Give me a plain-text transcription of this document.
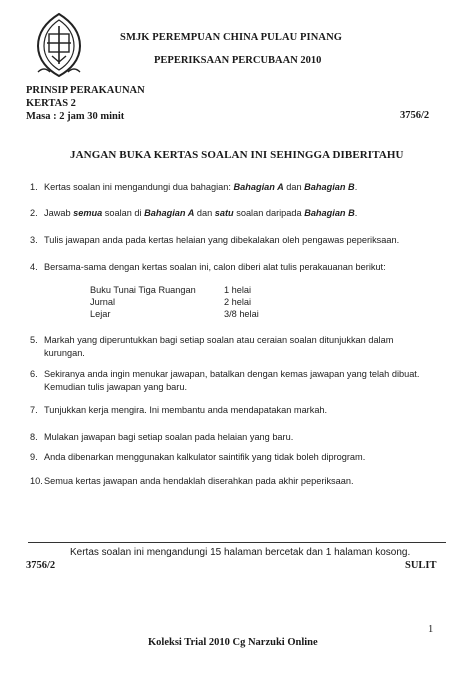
SMJK PEREMPUAN CHINA PULAU PINANG
PEPERIKSAAN PERCUBAAN 2010
PRINSIP PERAKAUNAN
KERTAS 2
Masa : 2 jam 30 minit	3756/2
JANGAN BUKA KERTAS SOALAN INI SEHINGGA DIBERITAHU
1. Kertas soalan ini mengandungi dua bahagian: Bahagian A dan Bahagian B.
2. Jawab semua soalan di Bahagian A dan satu soalan daripada Bahagian B.
3. Tulis jawapan anda pada kertas helaian yang dibekalakan oleh pengawas peperiksaan.
4. Bersama-sama dengan kertas soalan ini, calon diberi alat tulis perakauanan berikut:
Buku Tunai Tiga Ruangan	1 helai
Jurnal	2 helai
Lejar	3/8 helai
5. Markah yang diperuntukkan bagi setiap soalan atau ceraian soalan ditunjukkan dalam kurungan.
6. Sekiranya anda ingin menukar jawapan, batalkan dengan kemas jawapan yang telah dibuat. Kemudian tulis jawapan yang baru.
7. Tunjukkan kerja mengira. Ini membantu anda mendapatakan markah.
8. Mulakan jawapan bagi setiap soalan pada helaian yang baru.
9. Anda dibenarkan menggunakan kalkulator saintifik yang tidak boleh diprogram.
10. Semua kertas jawapan anda hendaklah diserahkan pada akhir peperiksaan.
Kertas soalan ini mengandungi 15 halaman bercetak dan 1 halaman kosong.
3756/2	SULIT
1
Koleksi Trial 2010 Cg Narzuki Online
